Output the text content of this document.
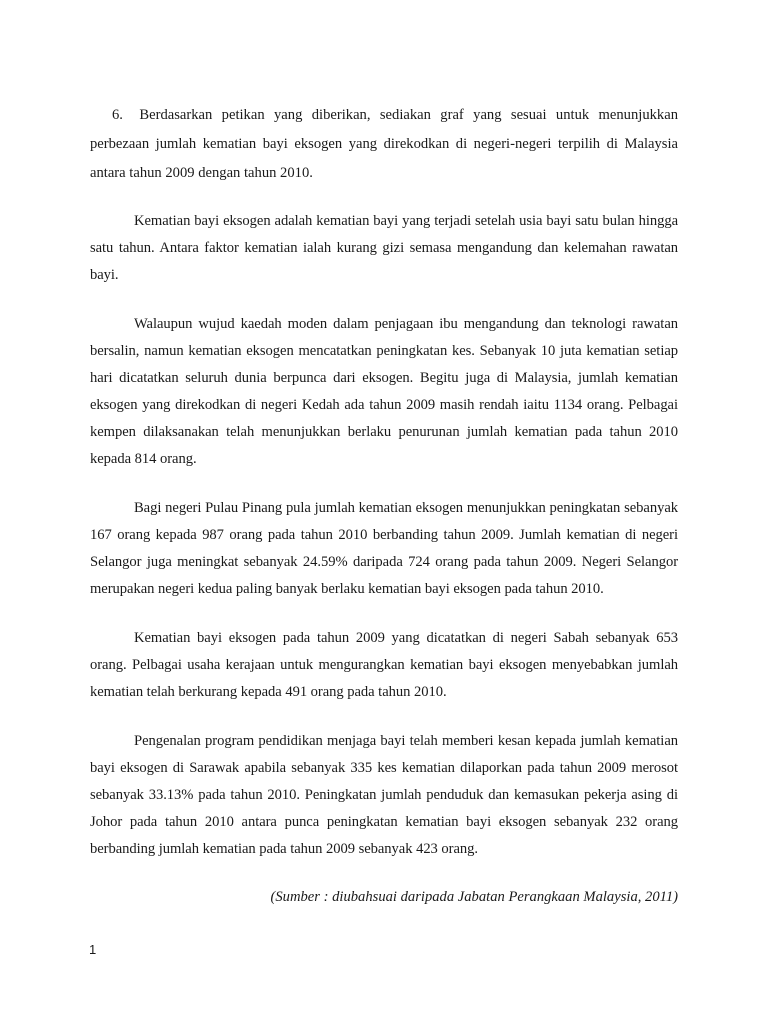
6. Berdasarkan petikan yang diberikan, sediakan graf yang sesuai untuk menunjukkan perbezaan jumlah kematian bayi eksogen yang direkodkan di negeri-negeri terpilih di Malaysia antara tahun 2009 dengan tahun 2010.

Kematian bayi eksogen adalah kematian bayi yang terjadi setelah usia bayi satu bulan hingga satu tahun. Antara faktor kematian ialah kurang gizi semasa mengandung dan kelemahan rawatan bayi.

Walaupun wujud kaedah moden dalam penjagaan ibu mengandung dan teknologi rawatan bersalin, namun kematian eksogen mencatatkan peningkatan kes. Sebanyak 10 juta kematian setiap hari dicatatkan seluruh dunia berpunca dari eksogen. Begitu juga di Malaysia, jumlah kematian eksogen yang direkodkan di negeri Kedah ada tahun 2009 masih rendah iaitu 1134 orang. Pelbagai kempen dilaksanakan telah menunjukkan berlaku penurunan jumlah kematian pada tahun 2010 kepada 814 orang.

Bagi negeri Pulau Pinang pula jumlah kematian eksogen menunjukkan peningkatan sebanyak 167 orang kepada 987 orang pada tahun 2010 berbanding tahun 2009. Jumlah kematian di negeri Selangor juga meningkat sebanyak 24.59% daripada 724 orang pada tahun 2009. Negeri Selangor merupakan negeri kedua paling banyak berlaku kematian bayi eksogen pada tahun 2010.

Kematian bayi eksogen pada tahun 2009 yang dicatatkan di negeri Sabah sebanyak 653 orang. Pelbagai usaha kerajaan untuk mengurangkan kematian bayi eksogen menyebabkan jumlah kematian telah berkurang kepada 491 orang pada tahun 2010.

Pengenalan program pendidikan menjaga bayi telah memberi kesan kepada jumlah kematian bayi eksogen di Sarawak apabila sebanyak 335 kes kematian dilaporkan pada tahun 2009 merosot sebanyak 33.13% pada tahun 2010. Peningkatan jumlah penduduk dan kemasukan pekerja asing di Johor pada tahun 2010 antara punca peningkatan kematian bayi eksogen sebanyak 232 orang berbanding jumlah kematian pada tahun 2009 sebanyak 423 orang.

(Sumber : diubahsuai daripada Jabatan Perangkaan Malaysia, 2011)

1
